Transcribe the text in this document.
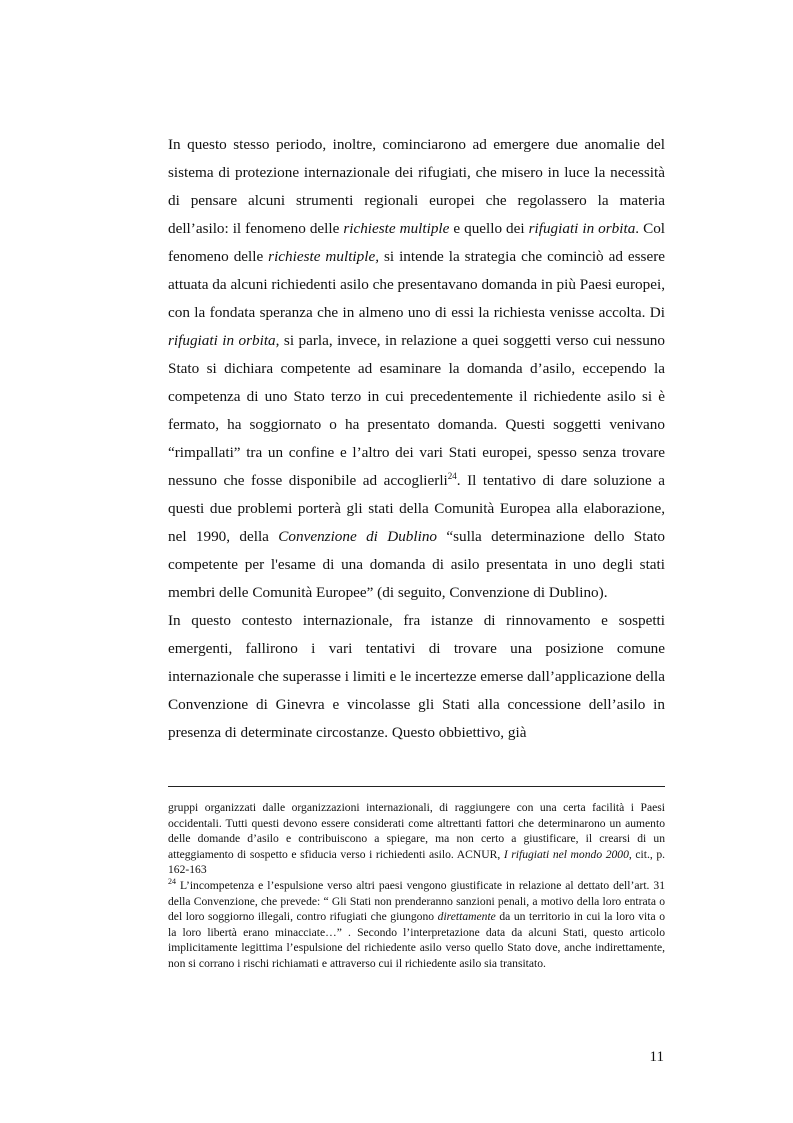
In questo stesso periodo, inoltre, cominciarono ad emergere due anomalie del sistema di protezione internazionale dei rifugiati, che misero in luce la necessità di pensare alcuni strumenti regionali europei che regolassero la materia dell’asilo: il fenomeno delle richieste multiple e quello dei rifugiati in orbita. Col fenomeno delle richieste multiple, si intende la strategia che cominciò ad essere attuata da alcuni richiedenti asilo che presentavano domanda in più Paesi europei, con la fondata speranza che in almeno uno di essi la richiesta venisse accolta. Di rifugiati in orbita, si parla, invece, in relazione a quei soggetti verso cui nessuno Stato si dichiara competente ad esaminare la domanda d’asilo, eccependo la competenza di uno Stato terzo in cui precedentemente il richiedente asilo si è fermato, ha soggiornato o ha presentato domanda. Questi soggetti venivano “rimpallati” tra un confine e l’altro dei vari Stati europei, spesso senza trovare nessuno che fosse disponibile ad accoglierli$^{24}$. Il tentativo di dare soluzione a questi due problemi porterà gli stati della Comunità Europea alla elaborazione, nel 1990, della Convenzione di Dublino “sulla determinazione dello Stato competente per l'esame di una domanda di asilo presentata in uno degli stati membri delle Comunità Europee” (di seguito, Convenzione di Dublino).

In questo contesto internazionale, fra istanze di rinnovamento e sospetti emergenti, fallirono i vari tentativi di trovare una posizione comune internazionale che superasse i limiti e le incertezze emerse dall’applicazione della Convenzione di Ginevra e vincolasse gli Stati alla concessione dell’asilo in presenza di determinate circostanze. Questo obbiettivo, già

gruppi organizzati dalle organizzazioni internazionali, di raggiungere con una certa facilità i Paesi occidentali. Tutti questi devono essere considerati come altrettanti fattori che determinarono un aumento delle domande d’asilo e contribuiscono a spiegare, ma non certo a giustificare, il crearsi di un atteggiamento di sospetto e sfiducia verso i richiedenti asilo. ACNUR, I rifugiati nel mondo 2000, cit., p. 162-163

$^{24}$ L’incompetenza e l’espulsione verso altri paesi vengono giustificate in relazione al dettato dell’art. 31 della Convenzione, che prevede: “ Gli Stati non prenderanno sanzioni penali, a motivo della loro entrata o del loro soggiorno illegali, contro rifugiati che giungono direttamente da un territorio in cui la loro vita o la loro libertà erano minacciate…” . Secondo l’interpretazione data da alcuni Stati, questo articolo implicitamente legittima l’espulsione del richiedente asilo verso quello Stato dove, anche indirettamente, non si corrano i rischi richiamati e attraverso cui il richiedente asilo sia transitato.

11
